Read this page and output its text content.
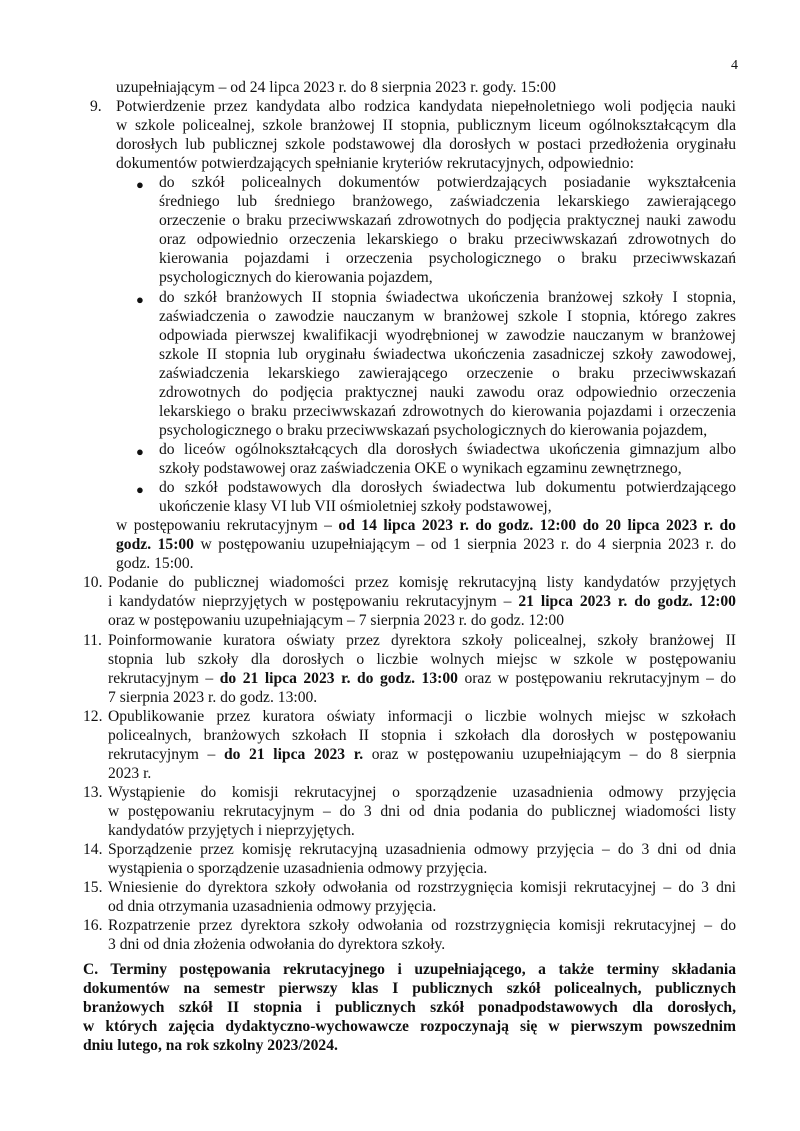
4
uzupełniającym – od 24 lipca 2023 r. do 8 sierpnia 2023 r. gody. 15:00
9. Potwierdzenie przez kandydata albo rodzica kandydata niepełnoletniego woli podjęcia nauki
w szkole policealnej, szkole branżowej II stopnia, publicznym liceum ogólnokształcącym dla
dorosłych lub publicznej szkole podstawowej dla dorosłych w postaci przedłożenia oryginału
dokumentów potwierdzających spełnianie kryteriów rekrutacyjnych, odpowiednio:
● do szkół policealnych dokumentów potwierdzających posiadanie wykształcenia
średniego lub średniego branżowego, zaświadczenia lekarskiego zawierającego
orzeczenie o braku przeciwwskazań zdrowotnych do podjęcia praktycznej nauki zawodu
oraz odpowiednio orzeczenia lekarskiego o braku przeciwwskazań zdrowotnych do
kierowania pojazdami i orzeczenia psychologicznego o braku przeciwwskazań
psychologicznych do kierowania pojazdem,
● do szkół branżowych II stopnia świadectwa ukończenia branżowej szkoły I stopnia,
zaświadczenia o zawodzie nauczanym w branżowej szkole I stopnia, którego zakres
odpowiada pierwszej kwalifikacji wyodrębnionej w zawodzie nauczanym w branżowej
szkole II stopnia lub oryginału świadectwa ukończenia zasadniczej szkoły zawodowej,
zaświadczenia lekarskiego zawierającego orzeczenie o braku przeciwwskazań
zdrowotnych do podjęcia praktycznej nauki zawodu oraz odpowiednio orzeczenia
lekarskiego o braku przeciwwskazań zdrowotnych do kierowania pojazdami i orzeczenia
psychologicznego o braku przeciwwskazań psychologicznych do kierowania pojazdem,
● do liceów ogólnokształcących dla dorosłych świadectwa ukończenia gimnazjum albo
szkoły podstawowej oraz zaświadczenia OKE o wynikach egzaminu zewnętrznego,
● do szkół podstawowych dla dorosłych świadectwa lub dokumentu potwierdzającego
ukończenie klasy VI lub VII ośmioletniej szkoły podstawowej,
w postępowaniu rekrutacyjnym – od 14 lipca 2023 r. do godz. 12:00 do 20 lipca 2023 r. do
godz. 15:00 w postępowaniu uzupełniającym – od 1 sierpnia 2023 r. do 4 sierpnia 2023 r. do
godz. 15:00.
10. Podanie do publicznej wiadomości przez komisję rekrutacyjną listy kandydatów przyjętych
i kandydatów nieprzyjętych w postępowaniu rekrutacyjnym – 21 lipca 2023 r. do godz. 12:00
oraz w postępowaniu uzupełniającym – 7 sierpnia 2023 r. do godz. 12:00
11. Poinformowanie kuratora oświaty przez dyrektora szkoły policealnej, szkoły branżowej II
stopnia lub szkoły dla dorosłych o liczbie wolnych miejsc w szkole w postępowaniu
rekrutacyjnym – do 21 lipca 2023 r. do godz. 13:00 oraz w postępowaniu rekrutacyjnym – do
7 sierpnia 2023 r. do godz. 13:00.
12. Opublikowanie przez kuratora oświaty informacji o liczbie wolnych miejsc w szkołach
policealnych, branżowych szkołach II stopnia i szkołach dla dorosłych w postępowaniu
rekrutacyjnym – do 21 lipca 2023 r. oraz w postępowaniu uzupełniającym – do 8 sierpnia
2023 r.
13. Wystąpienie do komisji rekrutacyjnej o sporządzenie uzasadnienia odmowy przyjęcia
w postępowaniu rekrutacyjnym – do 3 dni od dnia podania do publicznej wiadomości listy
kandydatów przyjętych i nieprzyjętych.
14. Sporządzenie przez komisję rekrutacyjną uzasadnienia odmowy przyjęcia – do 3 dni od dnia
wystąpienia o sporządzenie uzasadnienia odmowy przyjęcia.
15. Wniesienie do dyrektora szkoły odwołania od rozstrzygnięcia komisji rekrutacyjnej – do 3 dni
od dnia otrzymania uzasadnienia odmowy przyjęcia.
16. Rozpatrzenie przez dyrektora szkoły odwołania od rozstrzygnięcia komisji rekrutacyjnej – do
3 dni od dnia złożenia odwołania do dyrektora szkoły.
C. Terminy postępowania rekrutacyjnego i uzupełniającego, a także terminy składania
dokumentów na semestr pierwszy klas I publicznych szkół policealnych, publicznych
branżowych szkół II stopnia i publicznych szkół ponadpodstawowych dla dorosłych,
w których zajęcia dydaktyczno-wychowawcze rozpoczynają się w pierwszym powszednim
dniu lutego, na rok szkolny 2023/2024.
